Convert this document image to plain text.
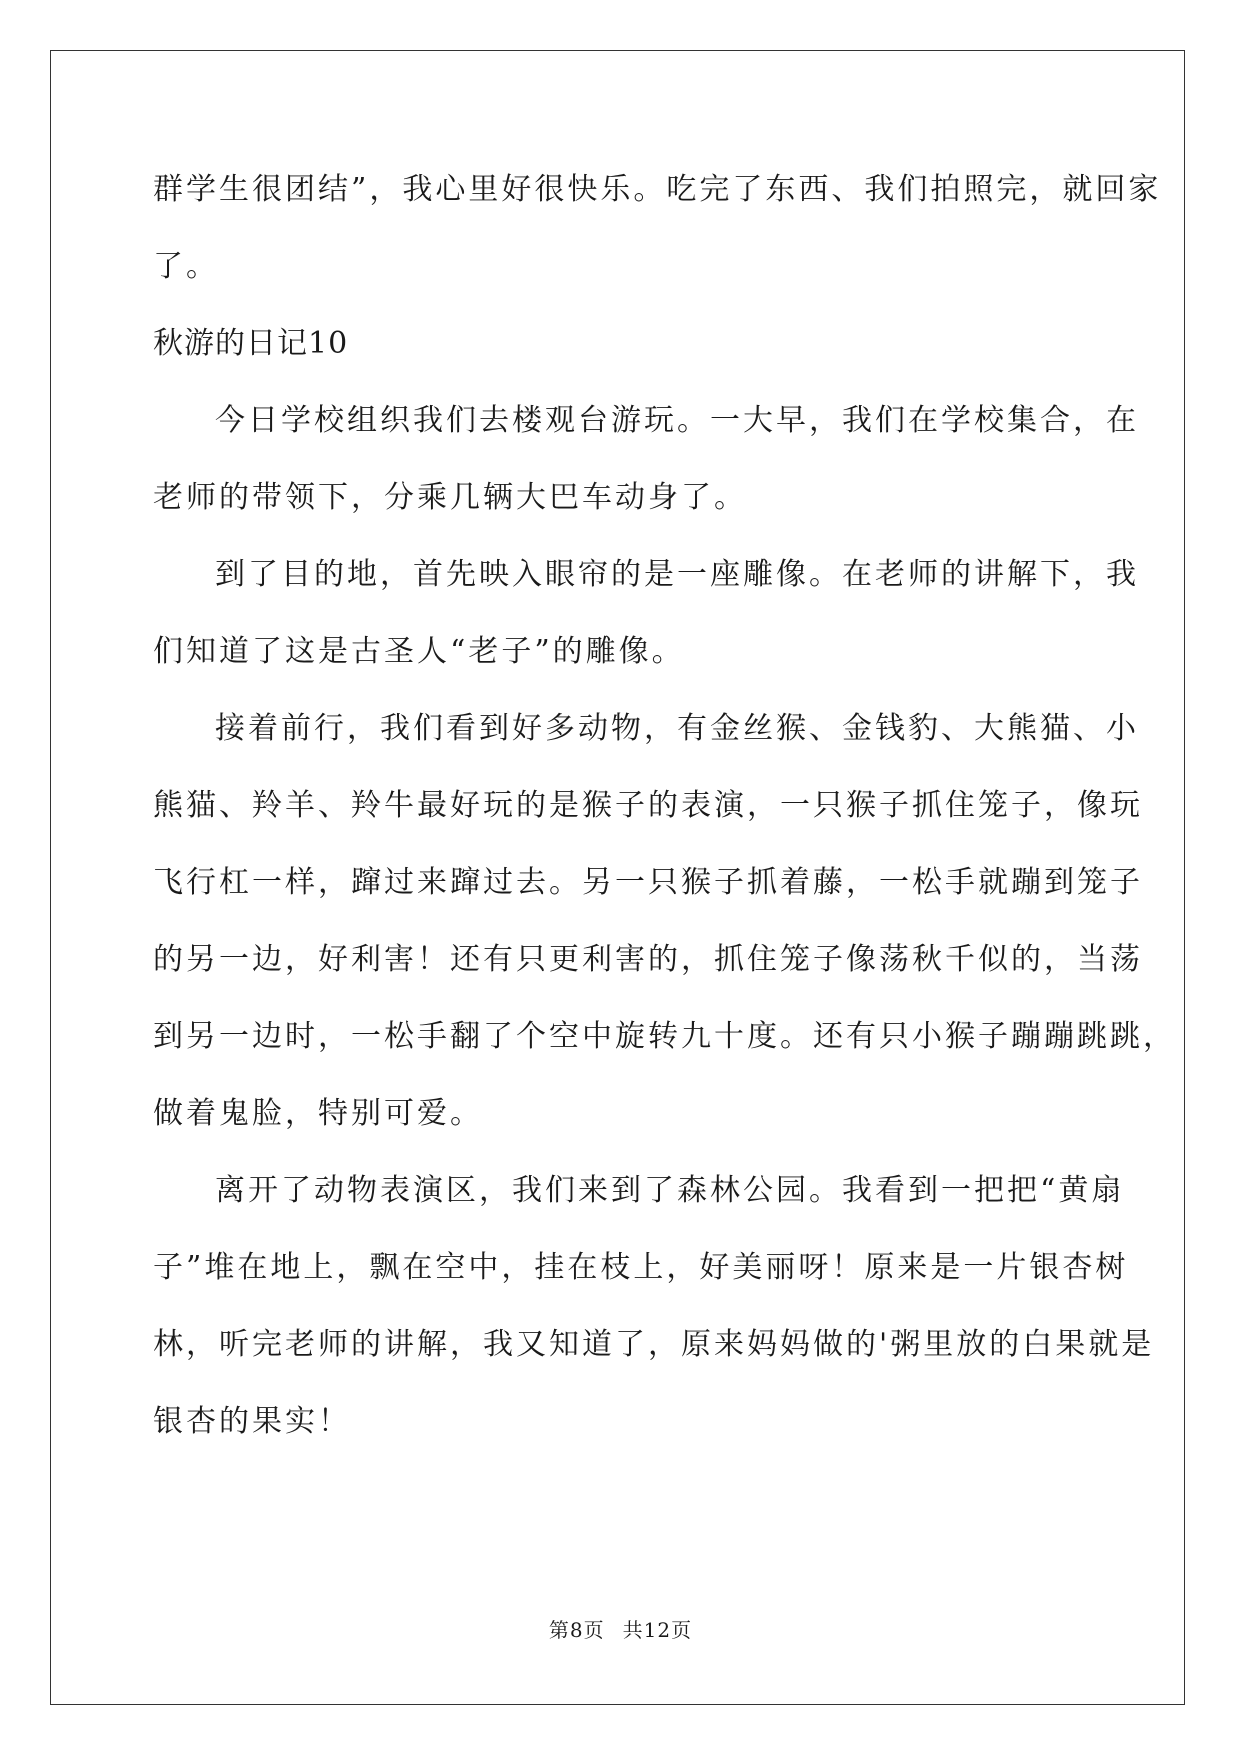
群学生很团结”，我心里好很快乐。吃完了东西、我们拍照完，就回家
了。
秋游的日记10
今日学校组织我们去楼观台游玩。一大早，我们在学校集合，在
老师的带领下，分乘几辆大巴车动身了。
到了目的地，首先映入眼帘的是一座雕像。在老师的讲解下，我
们知道了这是古圣人“老子”的雕像。
接着前行，我们看到好多动物，有金丝猴、金钱豹、大熊猫、小
熊猫、羚羊、羚牛最好玩的是猴子的表演，一只猴子抓住笼子，像玩
飞行杠一样，蹿过来蹿过去。另一只猴子抓着藤，一松手就蹦到笼子
的另一边，好利害！还有只更利害的，抓住笼子像荡秋千似的，当荡
到另一边时，一松手翻了个空中旋转九十度。还有只小猴子蹦蹦跳跳，
做着鬼脸，特别可爱。
离开了动物表演区，我们来到了森林公园。我看到一把把“黄扇
子”堆在地上，飘在空中，挂在枝上，好美丽呀！原来是一片银杏树
林，听完老师的讲解，我又知道了，原来妈妈做的'粥里放的白果就是
银杏的果实！
第8页 共12页
